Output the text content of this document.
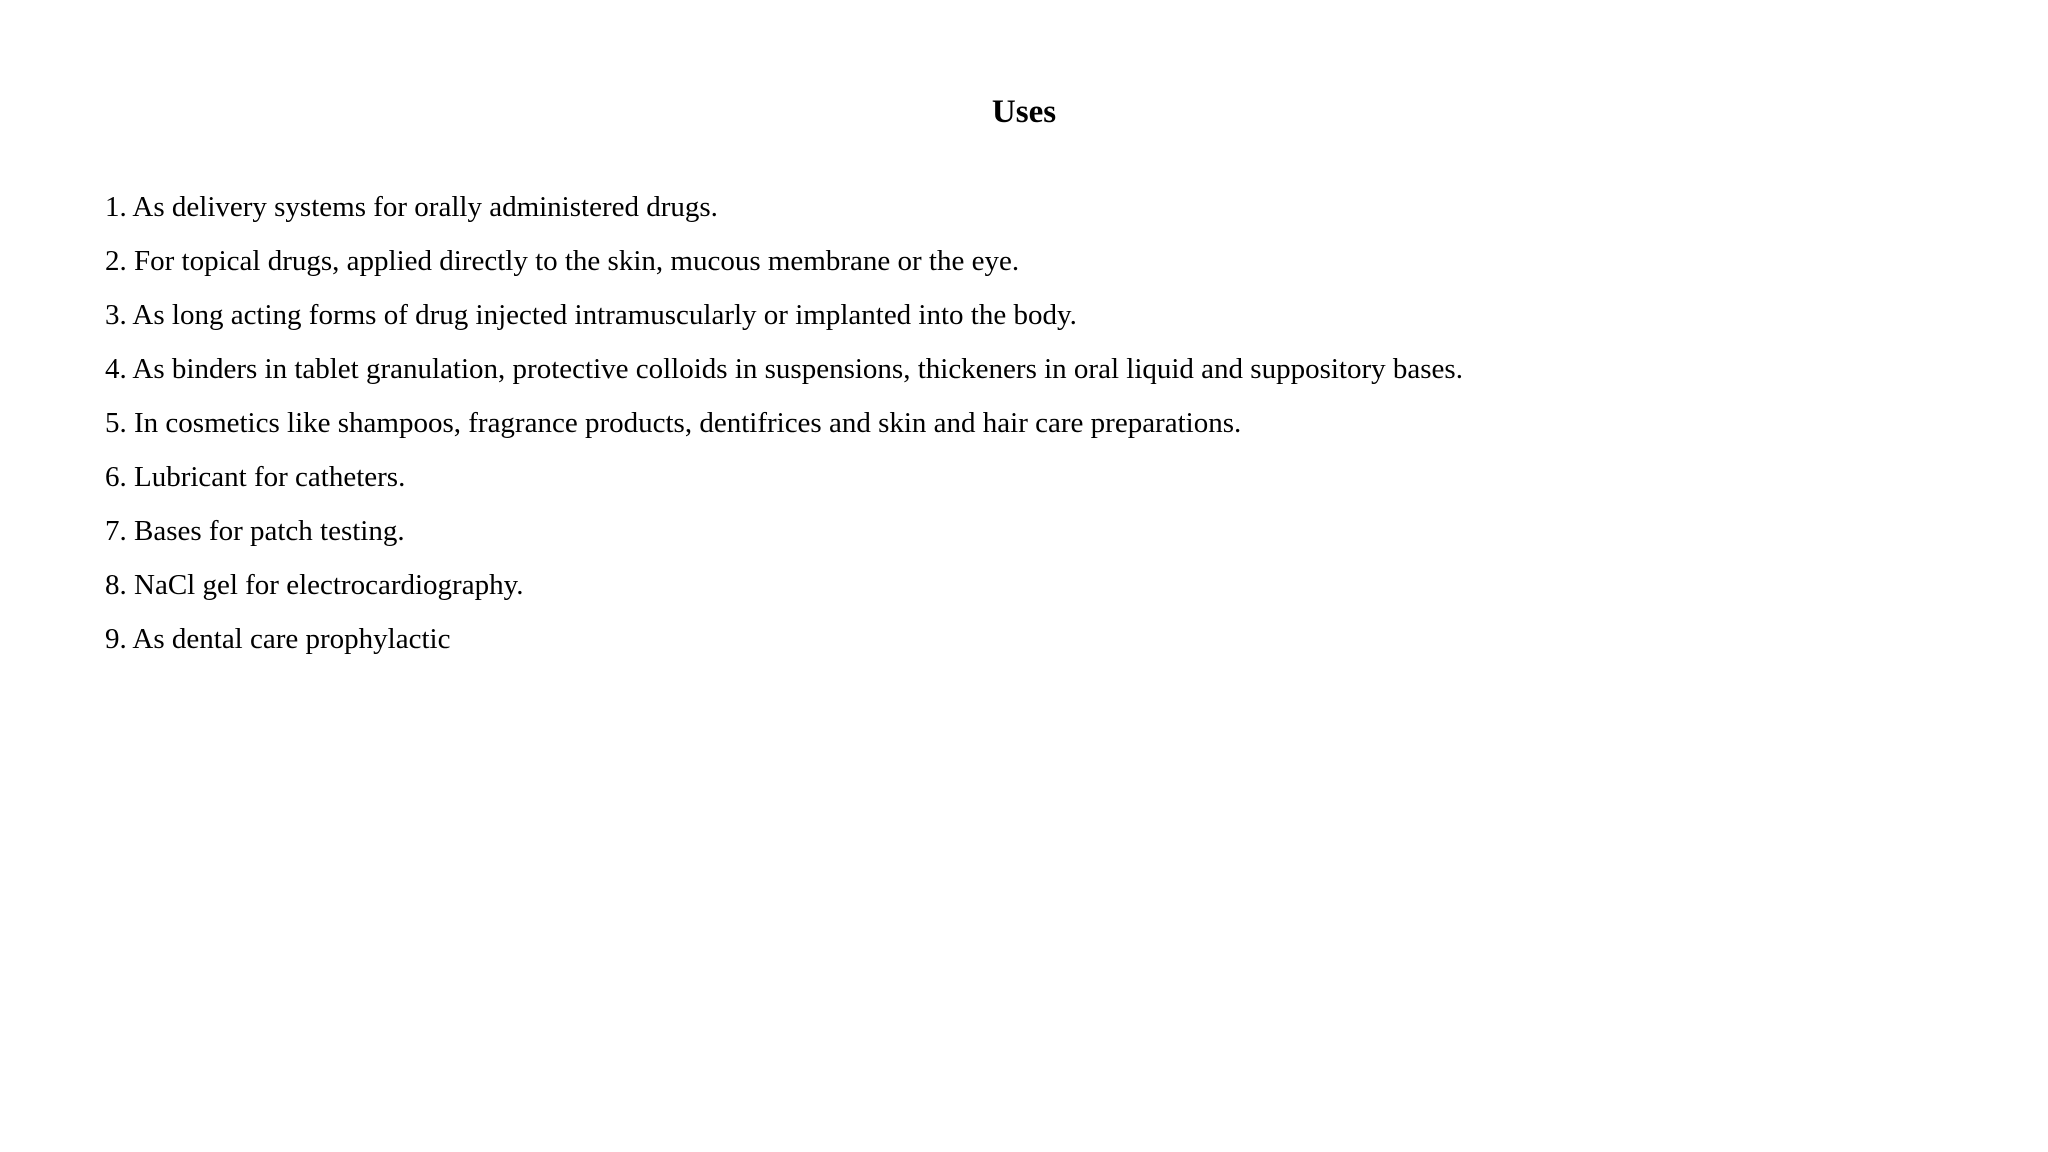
Uses
1. As delivery systems for orally administered drugs.
2. For topical drugs, applied directly to the skin, mucous membrane or the eye.
3. As long acting forms of drug injected intramuscularly or implanted into the body.
4. As binders in tablet granulation, protective colloids in suspensions, thickeners in oral liquid and suppository bases.
5. In cosmetics like shampoos, fragrance products, dentifrices and skin and hair care preparations.
6. Lubricant for catheters.
7. Bases for patch testing.
8. NaCl gel for electrocardiography.
9. As dental care prophylactic
